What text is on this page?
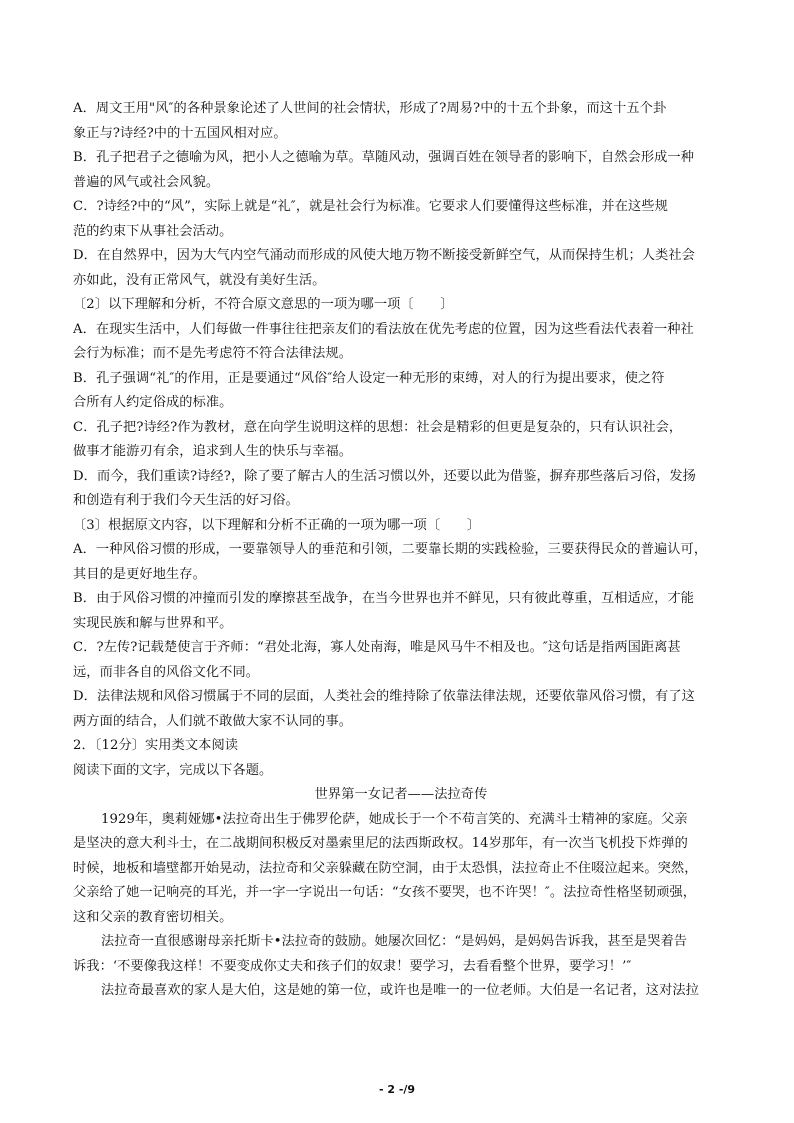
A．周文王用"风″的各种景象论述了人世间的社会情状，形成了?周易?中的十五个卦象，而这十五个卦
象正与?诗经?中的十五国风相对应。
B．孔子把君子之德喻为风，把小人之德喻为草。草随风动，强调百姓在领导者的影响下，自然会形成一种
普遍的风气或社会风貌。
C．?诗经?中的“风”，实际上就是“礼″，就是社会行为标准。它要求人们要懂得这些标准，并在这些规
范的约束下从事社会活动。
D．在自然界中，因为大气内空气涌动而形成的风使大地万物不断接受新鲜空气，从而保持生机；人类社会
亦如此，没有正常风气，就没有美好生活。
〔2〕以下理解和分析，不符合原文意思的一项为哪一项〔　　〕
A．在现实生活中，人们每做一件事往往把亲友们的看法放在优先考虑的位置，因为这些看法代表着一种社
会行为标准；而不是先考虑符不符合法律法规。
B．孔子强调“礼″的作用，正是要通过“风俗″给人设定一种无形的束缚，对人的行为提出要求，使之符
合所有人约定俗成的标准。
C．孔子把?诗经?作为教材，意在向学生说明这样的思想：社会是精彩的但更是复杂的，只有认识社会，
做事才能游刃有余，追求到人生的快乐与幸福。
D．而今，我们重读?诗经?，除了要了解古人的生活习惯以外，还要以此为借鉴，摒弃那些落后习俗，发扬
和创造有利于我们今天生活的好习俗。
〔3〕根据原文内容，以下理解和分析不正确的一项为哪一项〔　　〕
A．一种风俗习惯的形成，一要靠领导人的垂范和引领，二要靠长期的实践检验，三要获得民众的普遍认可，
其目的是更好地生存。
B．由于风俗习惯的冲撞而引发的摩擦甚至战争，在当今世界也并不鲜见，只有彼此尊重，互相适应，才能
实现民族和解与世界和平。
C．?左传?记载楚使言于齐师：“君处北海，寡人处南海，唯是风马牛不相及也。″这句话是指两国距离甚
远，而非各自的风俗文化不同。
D．法律法规和风俗习惯属于不同的层面，人类社会的维持除了依靠法律法规，还要依靠风俗习惯，有了这
两方面的结合，人们就不敢做大家不认同的事。
2．〔12分〕实用类文本阅读
阅读下面的文字，完成以下各题。
世界第一女记者——法拉奇传
1929年，奥莉娅娜•法拉奇出生于佛罗伦萨，她成长于一个不苟言笑的、充满斗士精神的家庭。父亲
是坚决的意大利斗士，在二战期间积极反对墨索里尼的法西斯政权。14岁那年，有一次当飞机投下炸弹的
时候，地板和墙壁都开始晃动，法拉奇和父亲躲藏在防空洞，由于太恐惧，法拉奇止不住啜泣起来。突然，
父亲给了她一记响亮的耳光，并一字一字说出一句话：“女孩不要哭，也不许哭！″。法拉奇性格坚韧顽强，
这和父亲的教育密切相关。
法拉奇一直很感谢母亲托斯卡•法拉奇的鼓励。她屡次回忆：“是妈妈，是妈妈告诉我，甚至是哭着告
诉我：‘不要像我这样！不要变成你丈夫和孩子们的奴隶！要学习，去看看整个世界，要学习！’″
法拉奇最喜欢的家人是大伯，这是她的第一位，或许也是唯一的一位老师。大伯是一名记者，这对法拉
- 2 -/9
